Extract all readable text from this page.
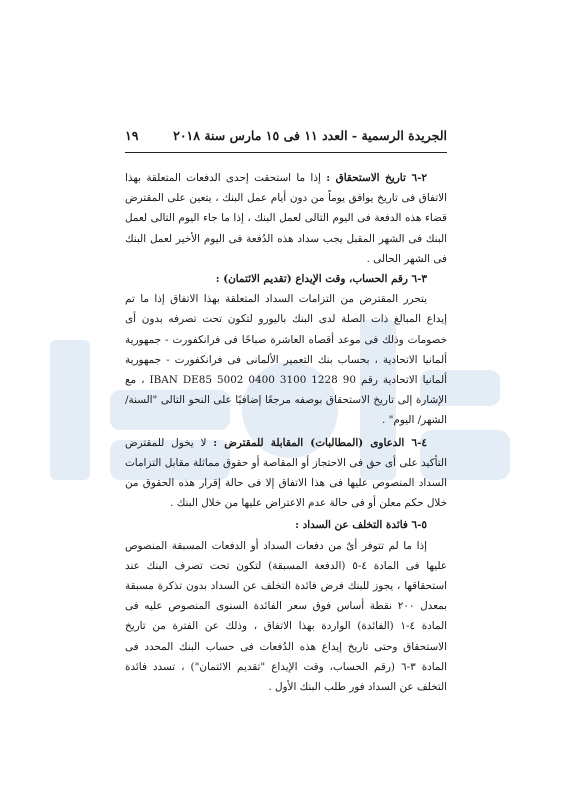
الجريدة الرسمية - العدد ١١ فى ١٥ مارس سنة ٢٠١٨
١٩

٢-٦ تاريخ الاستحقاق : إذا ما استحقت إحدى الدفعات المتعلقة بهذا الاتفاق فى تاريخ يوافق يوماً من دون أيام عمل البنك ، يتعين على المقترض قضاء هذه الدفعة فى اليوم التالى لعمل البنك ، إذا ما جاء اليوم التالى لعمل البنك فى الشهر المقبل يجب سداد هذه الدُفعة فى اليوم الأخير لعمل البنك فى الشهر الحالى .

٣-٦ رقم الحساب، وقت الإيداع (تقديم الائتمان) :

يتحرر المقترض من التزامات السداد المتعلقة بهذا الاتفاق إذا ما تم إيداع المبالغ ذات الصلة لدى البنك باليورو لتكون تحت تصرفه بدون أى خصومات وذلك فى موعد أقصاه العاشرة صباحًا فى فرانكفورت - جمهورية ألمانيا الاتحادية ، بحساب بنك التعمير الألمانى فى فرانكفورت - جمهورية ألمانيا الاتحادية رقم IBAN DE85 5002 0400 3100 1228 90 ، مع الإشارة إلى تاريخ الاستحقاق بوصفه مرجعًا إضافيًا على النحو التالى "السنة/ الشهر/ اليوم" .

٤-٦ الدعاوى (المطالبات) المقابلة للمقترض : لا يخول للمقترض التأكيد على أى حق فى الاحتجاز أو المقاصة أو حقوق مماثلة مقابل التزامات السداد المنصوص عليها فى هذا الاتفاق إلا فى حالة إقرار هذه الحقوق من خلال حكم معلن أو فى حالة عدم الاعتراض عليها من خلال البنك .

٥-٦ فائدة التخلف عن السداد :

إذا ما لم تتوفر أىٌ من دفعات السداد أو الدفعات المسبقة المنصوص عليها فى المادة ٤-٥ (الدفعة المسبقة) لتكون تحت تصرف البنك عند استحقاقها ، يجوز للبنك فرض فائدة التخلف عن السداد بدون تذكرة مسبقة بمعدل ٢٠٠ نقطة أساس فوق سعر الفائدة السنوى المنصوص عليه فى المادة ٤-١ (الفائدة) الواردة بهذا الاتفاق ، وذلك عن الفترة من تاريخ الاستحقاق وحتى تاريخ إيداع هذه الدُفعات فى حساب البنك المحدد فى المادة ٣-٦ (رقم الحساب، وقت الإيداع "تقديم الائتمان") ، تسدد فائدة التخلف عن السداد فور طلب البنك الأول .
